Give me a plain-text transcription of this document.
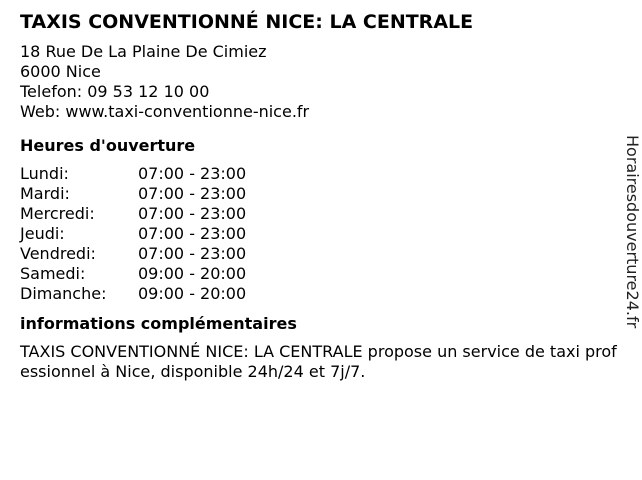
TAXIS CONVENTIONNÉ NICE: LA CENTRALE
18 Rue De La Plaine De Cimiez
6000 Nice
Telefon: 09 53 12 10 00
Web: www.taxi-conventionne-nice.fr
Heures d'ouverture
Lundi:	07:00 - 23:00
Mardi:	07:00 - 23:00
Mercredi:	07:00 - 23:00
Jeudi:	07:00 - 23:00
Vendredi:	07:00 - 23:00
Samedi:	09:00 - 20:00
Dimanche:	09:00 - 20:00
informations complémentaires
TAXIS CONVENTIONNÉ NICE: LA CENTRALE propose un service de taxi professionnel à Nice, disponible 24h/24 et 7j/7.
Horairesdouverture24.fr
